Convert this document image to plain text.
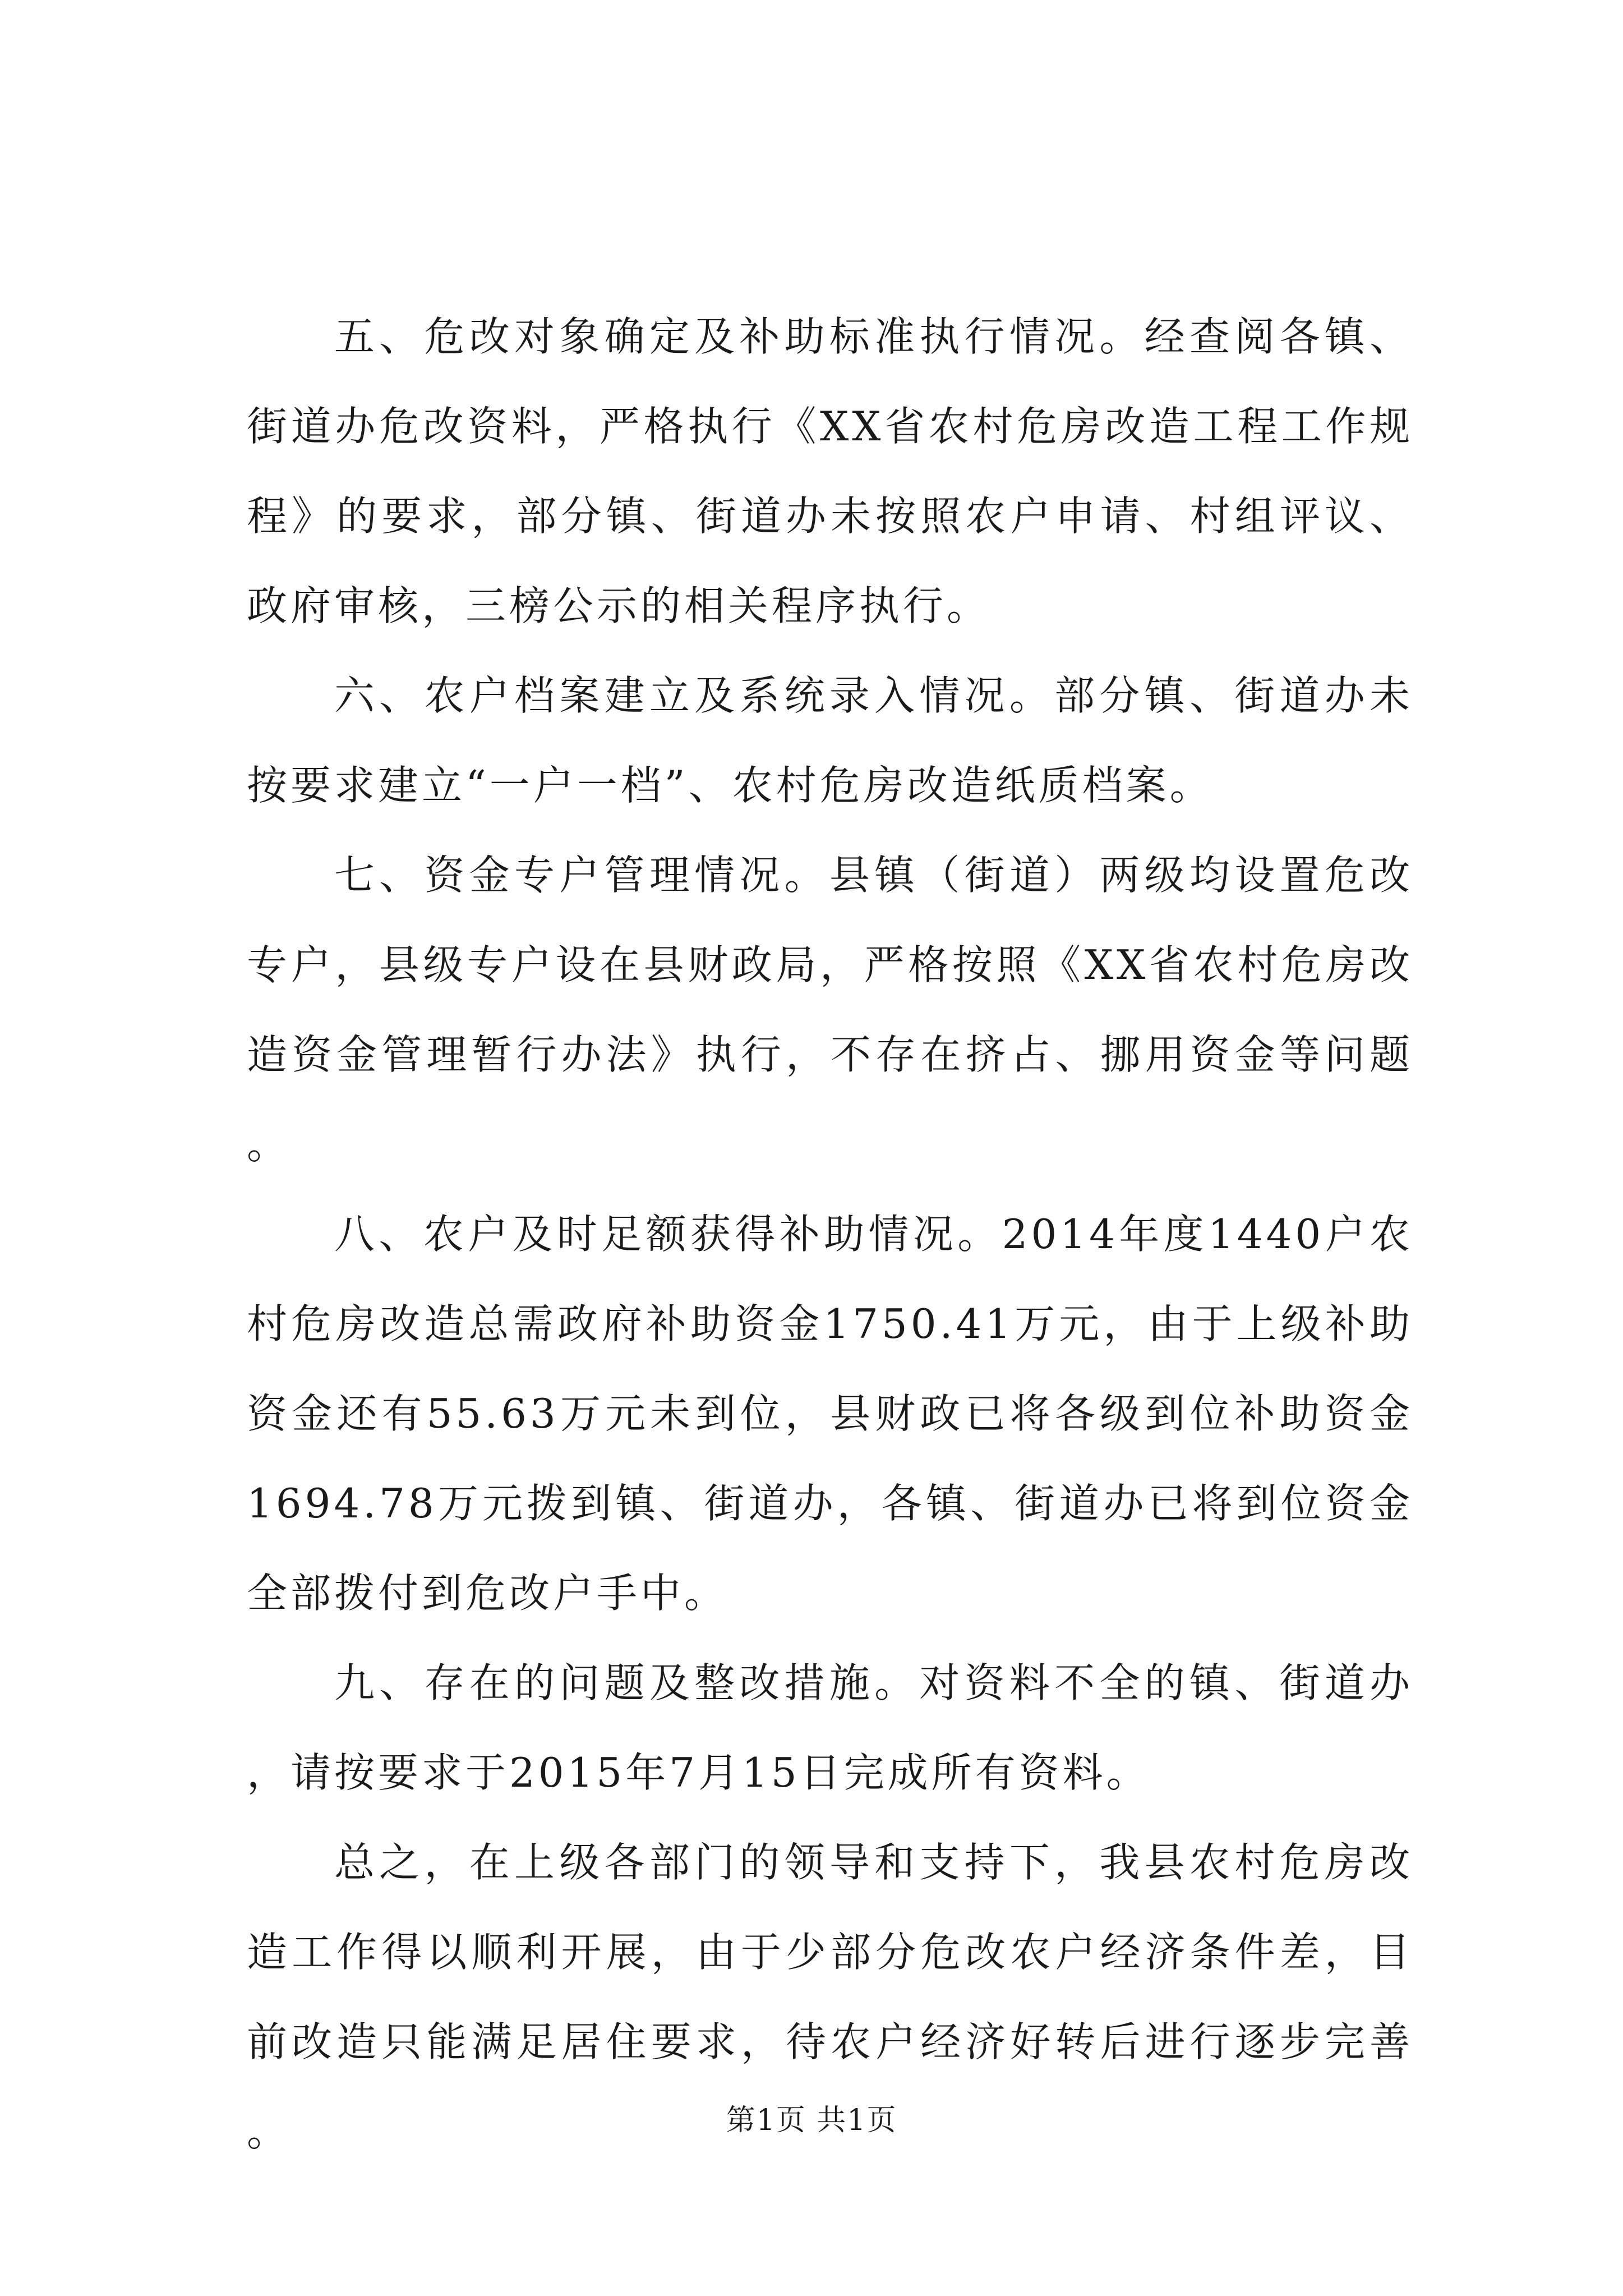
五、危改对象确定及补助标准执行情况。经查阅各镇、街道办危改资料，严格执行《XX省农村危房改造工程工作规程》的要求，部分镇、街道办未按照农户申请、村组评议、政府审核，三榜公示的相关程序执行。

六、农户档案建立及系统录入情况。部分镇、街道办未按要求建立“一户一档”、农村危房改造纸质档案。

七、资金专户管理情况。县镇（街道）两级均设置危改专户，县级专户设在县财政局，严格按照《XX省农村危房改造资金管理暂行办法》执行，不存在挤占、挪用资金等问题。

八、农户及时足额获得补助情况。2014年度1440户农村危房改造总需政府补助资金1750.41万元，由于上级补助资金还有55.63万元未到位，县财政已将各级到位补助资金1694.78万元拨到镇、街道办，各镇、街道办已将到位资金全部拨付到危改户手中。

九、存在的问题及整改措施。对资料不全的镇、街道办，请按要求于2015年7月15日完成所有资料。

总之，在上级各部门的领导和支持下，我县农村危房改造工作得以顺利开展，由于少部分危改农户经济条件差，目前改造只能满足居住要求，待农户经济好转后进行逐步完善。	第1页 共1页
